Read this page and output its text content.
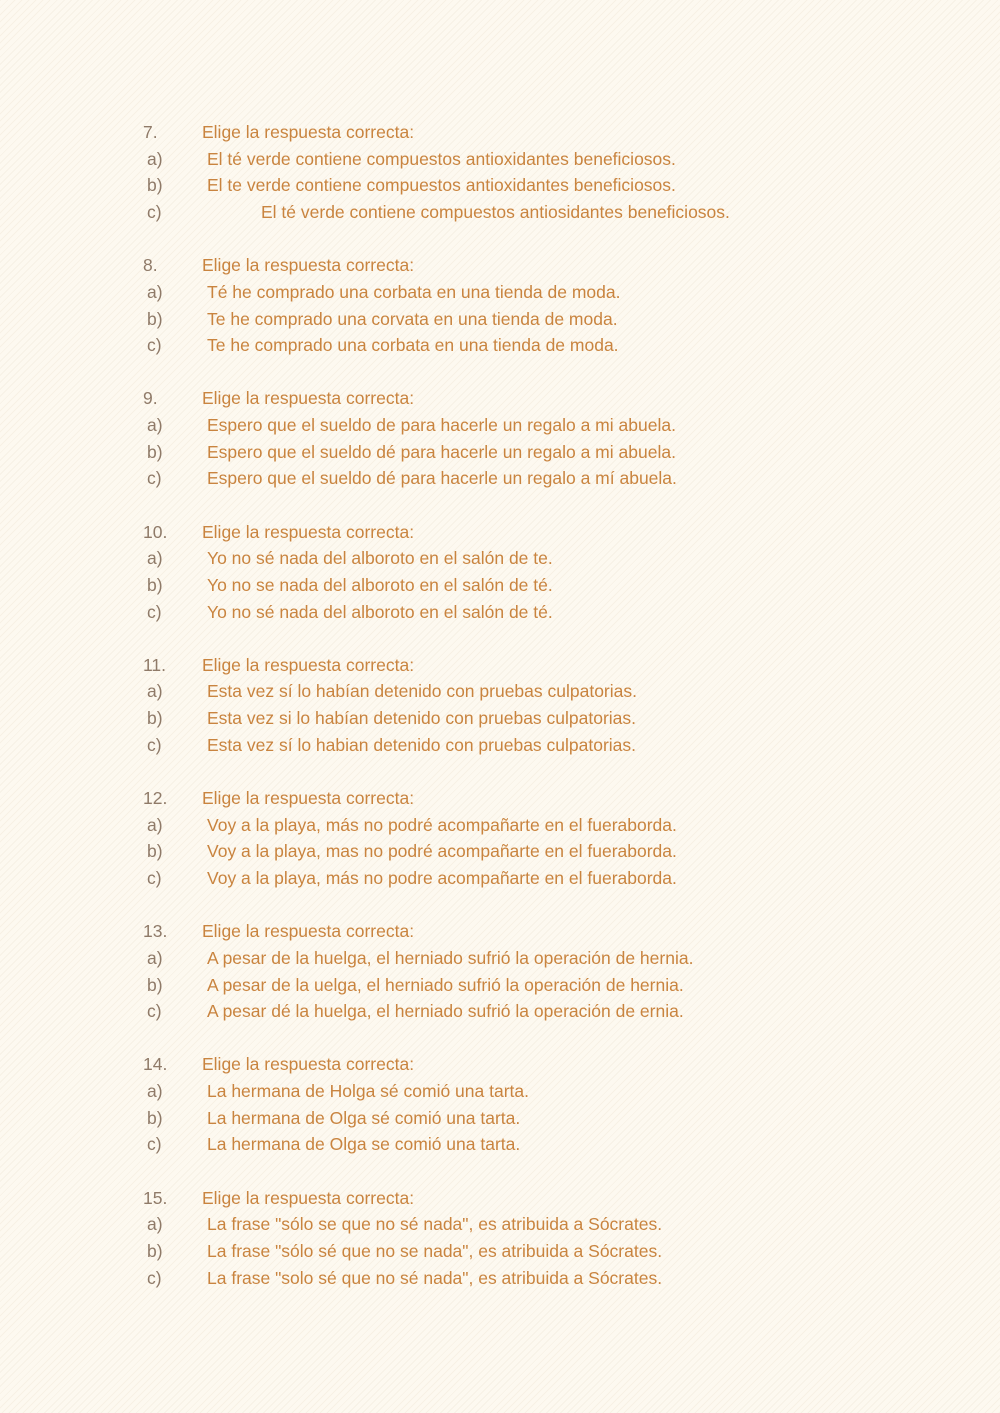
7.	Elige la respuesta correcta:
a)	El té verde contiene compuestos antioxidantes beneficiosos.
b)	El te verde contiene compuestos antioxidantes beneficiosos.
c)	El té verde contiene compuestos antiosidantes beneficiosos.
8.	Elige la respuesta correcta:
a)	Té he comprado una corbata en una tienda de moda.
b)	Te he comprado una corvata en una tienda de moda.
c)	Te he comprado una corbata en una tienda de moda.
9.	Elige la respuesta correcta:
a)	Espero que el sueldo de para hacerle un regalo a mi abuela.
b)	Espero que el sueldo dé para hacerle un regalo a mi abuela.
c)	Espero que el sueldo dé para hacerle un regalo a mí abuela.
10. Elige la respuesta correcta:
a)	Yo no sé nada del alboroto en el salón de te.
b)	Yo no se nada del alboroto en el salón de té.
c)	Yo no sé nada del alboroto en el salón de té.
11. Elige la respuesta correcta:
a)	Esta vez sí lo habían detenido con pruebas culpatorias.
b)	Esta vez si lo habían detenido con pruebas culpatorias.
c)	Esta vez sí lo habian detenido con pruebas culpatorias.
12. Elige la respuesta correcta:
a)	Voy a la playa, más no podré acompañarte en el fueraborda.
b)	Voy a la playa, mas no podré acompañarte en el fueraborda.
c)	Voy a la playa, más no podre acompañarte en el fueraborda.
13. Elige la respuesta correcta:
a)	A pesar de la huelga, el herniado sufrió la operación de hernia.
b)	A pesar de la uelga, el herniado sufrió la operación de hernia.
c)	A pesar dé la huelga, el herniado sufrió la operación de ernia.
14. Elige la respuesta correcta:
a)	La hermana de Holga sé comió una tarta.
b)	La hermana de Olga sé comió una tarta.
c)	La hermana de Olga se comió una tarta.
15. Elige la respuesta correcta:
a)	La frase "sólo se que no sé nada", es atribuida a Sócrates.
b)	La frase "sólo sé que no se nada", es atribuida a Sócrates.
c)	La frase "solo sé que no sé nada", es atribuida a Sócrates.
